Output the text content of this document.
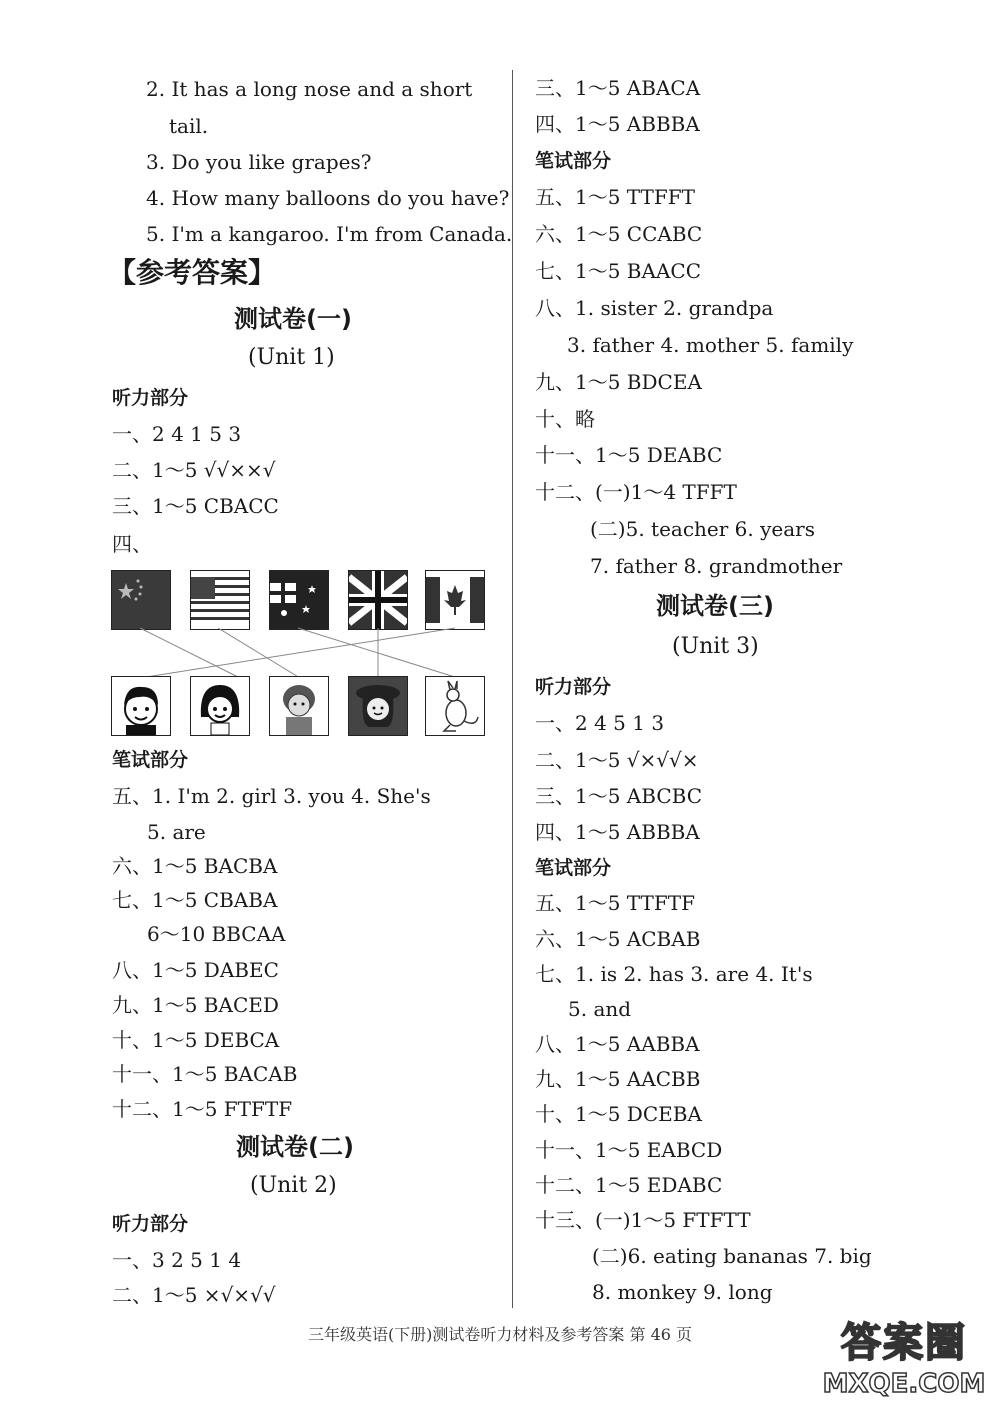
2. It has a long nose and a short
tail.
3. Do you like grapes?
4. How many balloons do you have?
5. I'm a kangaroo. I'm from Canada.
【参考答案】
测试卷(一)
(Unit 1)
听力部分
一、2 4 1 5 3
二、1～5 √√××√
三、1～5 CBACC
四、
笔试部分
五、1. I'm 2. girl 3. you 4. She's
5. are
六、1～5 BACBA
七、1～5 CBABA
6～10 BBCAA
八、1～5 DABEC
九、1～5 BACED
十、1～5 DEBCA
十一、1～5 BACAB
十二、1～5 FTFTF
测试卷(二)
(Unit 2)
听力部分
一、3 2 5 1 4
二、1～5 ×√×√√
三、1～5 ABACA
四、1～5 ABBBA
笔试部分
五、1～5 TTFFT
六、1～5 CCABC
七、1～5 BAACC
八、1. sister 2. grandpa
3. father 4. mother 5. family
九、1～5 BDCEA
十、略
十一、1～5 DEABC
十二、(一)1～4 TFFT
(二)5. teacher 6. years
7. father 8. grandmother
测试卷(三)
(Unit 3)
听力部分
一、2 4 5 1 3
二、1～5 √×√√×
三、1～5 ABCBC
四、1～5 ABBBA
笔试部分
五、1～5 TTFTF
六、1～5 ACBAB
七、1. is 2. has 3. are 4. It's
5. and
八、1～5 AABBA
九、1～5 AACBB
十、1～5 DCEBA
十一、1～5 EABCD
十二、1～5 EDABC
十三、(一)1～5 FTFTT
(二)6. eating bananas 7. big
8. monkey 9. long
三年级英语(下册)测试卷听力材料及参考答案 第 46 页	答案圈
MXQE.COM
